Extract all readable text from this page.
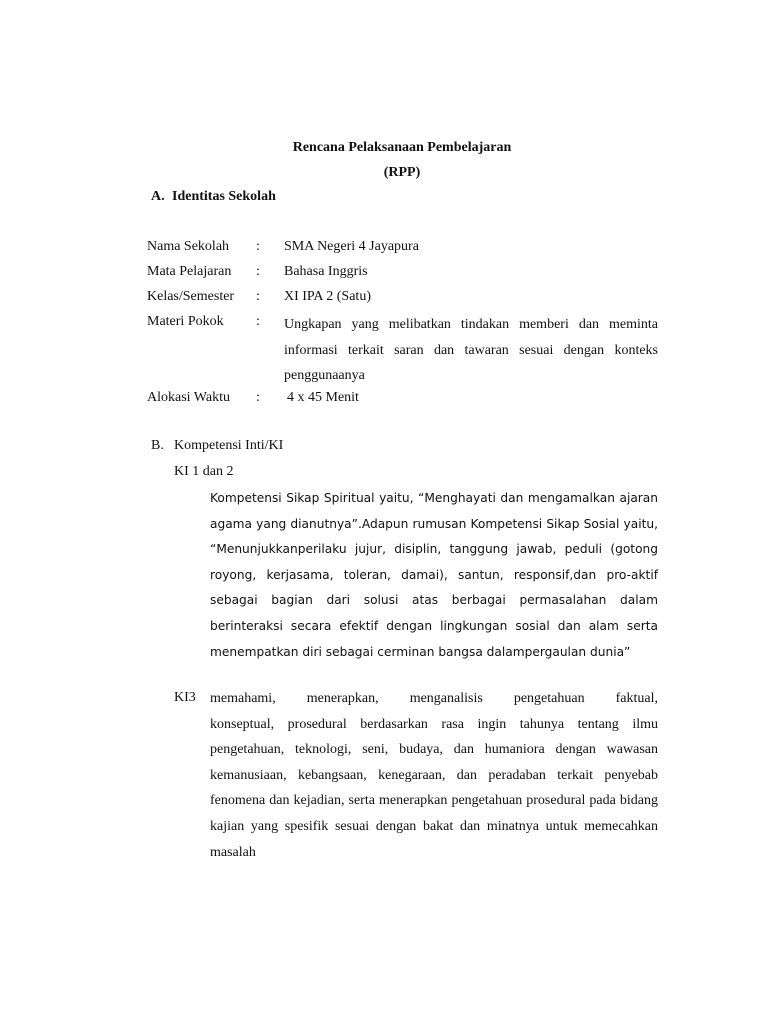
Rencana Pelaksanaan Pembelajaran
(RPP)
A. Identitas Sekolah
Nama Sekolah : SMA Negeri 4 Jayapura
Mata Pelajaran : Bahasa Inggris
Kelas/Semester : XI IPA 2 (Satu)
Materi Pokok : Ungkapan yang melibatkan tindakan memberi dan meminta informasi terkait saran dan tawaran sesuai dengan konteks penggunaanya
Alokasi Waktu : 4 x 45 Menit
B. Kompetensi Inti/KI
KI 1 dan 2
Kompetensi Sikap Spiritual yaitu, “Menghayati dan mengamalkan ajaran agama yang dianutnya”.Adapun rumusan Kompetensi Sikap Sosial yaitu, “Menunjukkanperilaku jujur, disiplin, tanggung jawab, peduli (gotong royong, kerjasama, toleran, damai), santun, responsif,dan pro-aktif sebagai bagian dari solusi atas berbagai permasalahan dalam berinteraksi secara efektif dengan lingkungan sosial dan alam serta menempatkan diri sebagai cerminan bangsa dalampergaulan dunia”
KI3 memahami, menerapkan, menganalisis pengetahuan faktual,
konseptual, prosedural berdasarkan rasa ingin tahunya tentang ilmu pengetahuan, teknologi, seni, budaya, dan humaniora dengan wawasan kemanusiaan, kebangsaan, kenegaraan, dan peradaban terkait penyebab fenomena dan kejadian, serta menerapkan pengetahuan prosedural pada bidang kajian yang spesifik sesuai dengan bakat dan minatnya untuk memecahkan masalah
